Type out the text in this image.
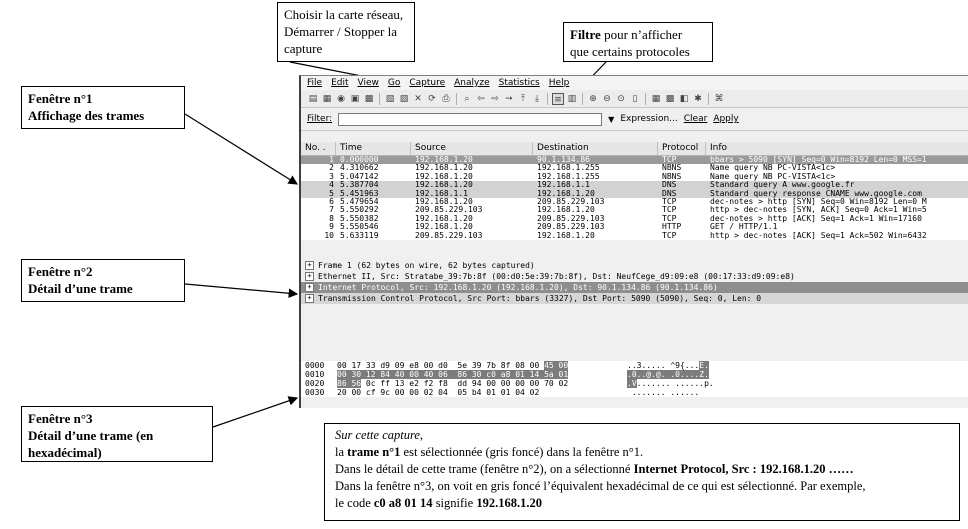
Choisir la carte réseau,
Démarrer / Stopper la
capture
Filtre pour n’afficher
que certains protocoles
Fenêtre n°1
Affichage des trames
Fenêtre n°2
Détail d’une trame
Fenêtre n°3
Détail d’une trame (en
hexadécimal)
File Edit View Go Capture Analyze Statistics Help
▤ ▦ ◉ ▣ ▩ ▧ ▨ ✕ ⟳ ⎙	⌕ ⇦ ⇨ ➙ ⤒	⤓	≡ ▥ ⊕ ⊖ ⊙ ▯	▦ ▩ ◧ ✱ ⌘
Filter:	▼ Expression... Clear Apply
No. .	Time	Source	Destination	Protocol	Info
1 0.000000	192.168.1.20	90.1.134.86	TCP	bbars > 5090 [SYN] Seq=0 Win=8192 Len=0 MSS=1
2 4.310662	192.168.1.20	192.168.1.255	NBNS	Name query NB PC-VISTA<1c>
3 5.047142	192.168.1.20	192.168.1.255	NBNS	Name query NB PC-VISTA<1c>
4 5.387704	192.168.1.20	192.168.1.1	DNS	Standard query A www.google.fr
5 5.451963	192.168.1.1	192.168.1.20	DNS	Standard query response CNAME www.google.com
6 5.479654	192.168.1.20	209.85.229.103	TCP	dec-notes > http [SYN] Seq=0 Win=8192 Len=0 M
7 5.550292	209.85.229.103	192.168.1.20	TCP	http > dec-notes [SYN, ACK] Seq=0 Ack=1 Win=5
8 5.550382	192.168.1.20	209.85.229.103	TCP	dec-notes > http [ACK] Seq=1 Ack=1 Win=17160
9 5.550546	192.168.1.20	209.85.229.103	HTTP	GET / HTTP/1.1
10 5.633119	209.85.229.103	192.168.1.20	TCP	http > dec-notes [ACK] Seq=1 Ack=502 Win=6432
+ Frame 1 (62 bytes on wire, 62 bytes captured)
+ Ethernet II, Src: Stratabe_39:7b:8f (00:d0:5e:39:7b:8f), Dst: NeufCege_d9:09:e8 (00:17:33:d9:09:e8)
+ Internet Protocol, Src: 192.168.1.20 (192.168.1.20), Dst: 90.1.134.86 (90.1.134.86)
+ Transmission Control Protocol, Src Port: bbars (3327), Dst Port: 5090 (5090), Seq: 0, Len: 0
0000	00 17 33 d9 09 e8 00 d0  5e 39 7b 8f 08 00 45 00	..3..... ^9{...E.
0010	00 30 12 84 40 00 40 06  86 30 c0 a8 01 14 5a 01	.0..@.@. .0....Z.
0020	86 56 0c ff 13 e2 f2 f8  dd 94 00 00 00 00 70 02	.V....... ......p.
0030	20 00 cf 9c 00 00 02 04  05 b4 01 01 04 02	....... ......
Sur cette capture,
la trame n°1 est sélectionnée (gris foncé) dans la fenêtre n°1.
Dans le détail de cette trame (fenêtre n°2), on a sélectionné Internet Protocol, Src : 192.168.1.20 ……
Dans la fenêtre n°3, on voit en gris foncé l’équivalent hexadécimal de ce qui est sélectionné. Par exemple,
le code c0 a8 01 14 signifie 192.168.1.20
